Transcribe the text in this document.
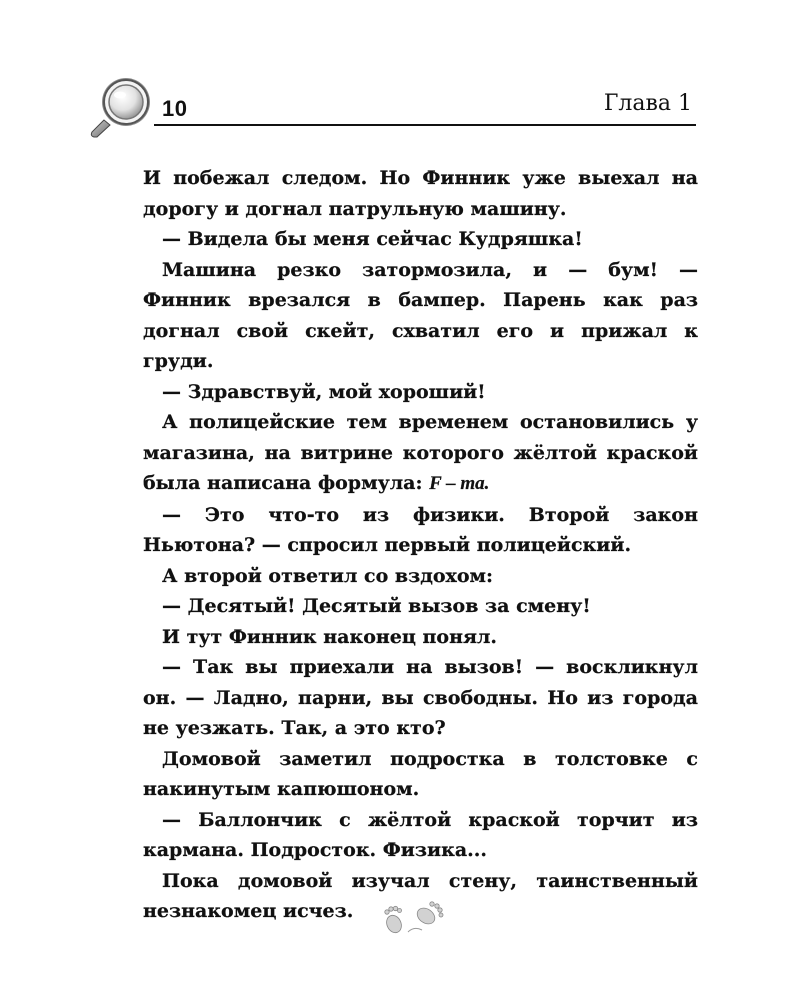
10	Глава 1

И побежал следом. Но Финник уже выехал на дорогу и догнал патрульную машину.

— Видела бы меня сейчас Кудряшка!

Машина резко затормозила, и — бум! — Финник врезался в бампер. Парень как раз догнал свой скейт, схватил его и прижал к груди.

— Здравствуй, мой хороший!

А полицейские тем временем остановились у магазина, на витрине которого жёлтой краской была написана формула: F – ma.

— Это что-то из физики. Второй закон Ньютона? — спросил первый полицейский.

А второй ответил со вздохом:

— Десятый! Десятый вызов за смену!

И тут Финник наконец понял.

— Так вы приехали на вызов! — воскликнул он. — Ладно, парни, вы свободны. Но из города не уезжать. Так, а это кто?

Домовой заметил подростка в толстовке с накинутым капюшоном.

— Баллончик с жёлтой краской торчит из кармана. Подросток. Физика...

Пока домовой изучал стену, таинственный незнакомец исчез.
